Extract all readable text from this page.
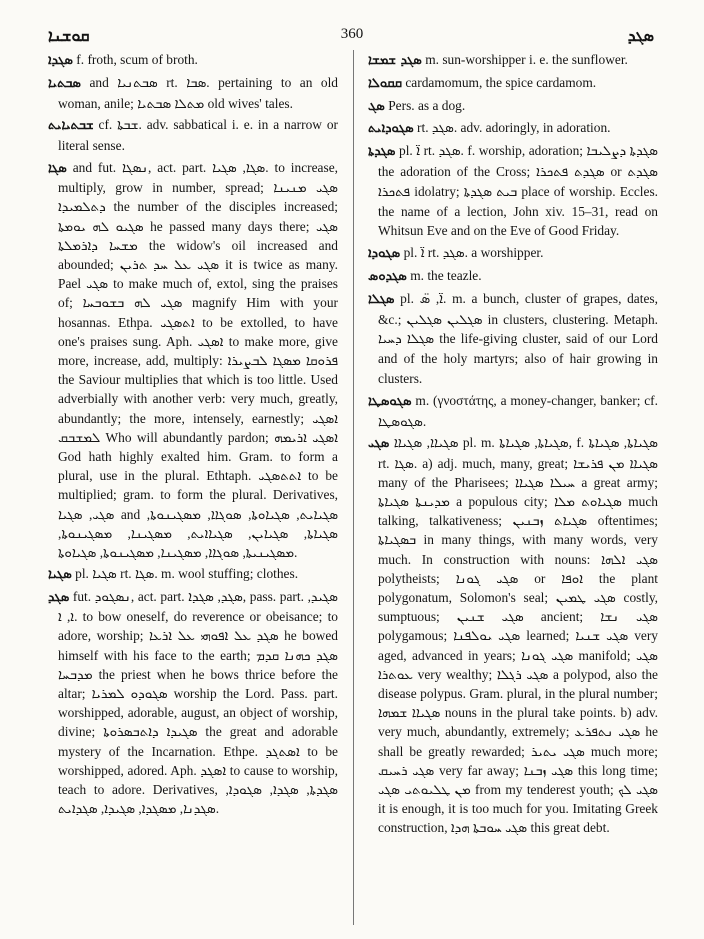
ܩܘܫܢܐ	360	ܣܓܕ

ܣܓܕܐ f. froth, scum of broth.

ܣܒܬܝܐ and ܣܒܬܢܝܐ rt. ܣܒܐ. pertaining to an old woman, anile; ܡܬܠܐ ܣܒܬܝܐ old wives' tales.

ܫܒܬܝܐܝܬ cf. ܫܒܬܐ. adv. sabbatical i. e. in a narrow or literal sense.

ܣܓܐ and fut. ܢܣܓܐ, act. part. ܣܓܐ, ܣܓܝܐ. to increase, multiply, grow in number, spread; ܣܓܝ ܡܢܝܢܐ ܕܬܠܡܝܕܐ the number of the disciples increased; ܣܓܝܘ ܠܗ ܝܘܡܬܐ he passed many days there; ܣܓܝ ܡܫܚܐ ܕܐܪܡܠܬܐ the widow's oil increased and abounded; ܣܓܝ ܥܠ ܚܕ ܬܪܝܢ it is twice as many. Pael ܣܓܝ to make much of, extol, sing the praises of; ܣܓܝ ܠܗ ܒܫܘܒܚܐ magnify Him with your hosannas. Ethpa. ܐܬܣܓܝ to be extolled, to have one's praises sung. Aph. ܐܣܓܝ to make more, give more, increase, add, multiply: ܦܪܘܩܐ ܡܣܓܐ ܠܒܨܝܪܐ the Saviour multiplies that which is too little. Used adverbially with another verb: very much, greatly, abundantly; the more, intensely, earnestly; ܐܣܓܝ ܠܡܫܒܩ Who will abundantly pardon; ܐܣܓܝ ܐܪܝܡܗ God hath highly exalted him. Gram. to form a plural, use in the plural. Ethtaph. ܐܬܬܣܓܝ to be multiplied; gram. to form the plural. Derivatives, ܣܓܝ, ܣܓܝܐ and ܣܓܝܐܝܬ, ܣܓܝܐܘܬܐ, ܣܘܓܐܐ, ܡܣܓܝܢܘܬܐ, ܣܓܝܐܬܐ, ܣܓܝܐܝܢ, ܣܓܝܐܐܝܬ, ܡܣܓܝܢܐ, ܡܣܓܝܢܘܬܐ, ܡܣܓܝܢܝܬܐ, ܣܘܓܐܐ, ܡܣܓܝܢܐ, ܡܣܓܝܢܘܬܐ, ܣܓܝܐܘܬܐ.

ܣܓܝܐ pl. ܣܓܝܐ rt. ܣܓܐ. m. wool stuffing; clothes.

ܣܓܕ fut. ܢܣܓܘܕ, act. part. ܣܓܕ, ܣܓܕܐ, pass. part. ܣܓܝܕ, ܐ, ܐ. to bow oneself, do reverence or obeisance; to adore, worship; ܣܓܕ ܥܠ ܐܦܘܗܝ ܥܠ ܐܪܥܐ he bowed himself with his face to the earth; ܣܓܕ ܟܗܢܐ ܩܕܡ ܡܕܒܚܐ the priest when he bows thrice before the altar; ܣܓܘܕܘ ܠܡܪܝܐ worship the Lord. Pass. part. worshipped, adorable, august, an object of worship, divine; ܣܓܝܕܐ ܕܐܬܒܣܪܘܬܐ the great and adorable mystery of the Incarnation. Ethpe. ܐܣܬܓܕ to be worshipped, adored. Aph. ܐܣܓܕ to cause to worship, teach to adore. Derivatives, ܣܓܕܬܐ, ܣܓܕܐ, ܣܓܘܕܐ, ܣܓܕܢܐ, ܡܣܓܕܐ, ܣܓܝܕܐ, ܣܓܕܐܝܬ.

ܣܓܕ ܫܡܫܐ m. sun-worshipper i. e. the sunflower.

ܩܩܘܠܐ cardamomum, the spice cardamom.

ܣܓ Pers. as a dog.

ܣܓܘܕܐܝܬ rt. ܣܓܕ. adv. adoringly, in adoration.

ܣܓܕܬܐ pl. ܐ̈ rt. ܣܓܕ. f. worship, adoration; ܣܓܕܬܐ ܕܨܠܝܒܐ the adoration of the Cross; ܣܓܕܬ ܦܬܟܪܐ or ܣܓܕܬ ܦܬܟܪܐ idolatry; ܒܝܬ ܣܓܕܬܐ place of worship. Eccles. the name of a lection, John xiv. 15–31, read on Whitsun Eve and on the Eve of Good Friday.

ܣܓܘܕܐ pl. ܐ̈ rt. ܣܓܕ. a worshipper.

ܣܓܕܘܣ m. the teazle.

ܣܓܠܐ pl. ܐ̈, ܣ̈. m. a bunch, cluster of grapes, dates, &c.; ܣܓܠܝܢ ܣܓܠܝܢ in clusters, clustering. Metaph. ܣܓܠܐ ܕܚܝܐ the life-giving cluster, said of our Lord and of the holy martyrs; also of hair growing in clusters.

ܣܓܘܣܛܐ m. (γνοστάτης, a money-changer, banker; cf. ܣܓܘܣܛܐ.

ܣܓܝ ܣܓܝܐܐ, ܣܓܝܐܐ pl. m. ܣܓܝܐܬܐ, ܣܓܝܐܬܐ, f. ܣܓܝܐܬܐ, ܣܓܝܐܬܐ rt. ܣܓܐ. a) adj. much, many, great; ܣܓܝܐܐ ܡܢ ܦܪܝܫܐ many of the Pharisees; ܚܝܠܐ ܣܓܝܐܐ a great army; ܡܕܝܢܬܐ ܣܓܝܐܬܐ a populous city; ܣܓܝܐܘܬ ܡܠܐ much talking, talkativeness; ܣܓܝܐܬ ܙܒܢܝܢ oftentimes; ܒܣܓܝܐܬܐ in many things, with many words, very much. In construction with nouns: ܣܓܝ ܐܠܗܐ polytheists; ܣܓܝ ܓܘܢܐ or ܐܘܦܐ the plant polygonatum, Solomon's seal; ܣܓܝ ܛܡܝܢ costly, sumptuous; ܣܓܝ ܫܢܝܢ ancient; ܣܓܝ ܢܫܐ polygamous; ܣܓܝ ܝܘܠܦܢܐ learned; ܣܓܝ ܫܢܝܐ very aged, advanced in years; ܣܓܝ ܓܘܢܐ manifold; ܣܓܝ ܥܘܬܪܐ very wealthy; ܣܓܝ ܪܓܠܐ a polypod, also the disease polypus. Gram. plural, in the plural number; ܣܓܝܐܐ ܫܡܗܐ nouns in the plural take points. b) adv. very much, abundantly, extremely; ܣܓܝ ܢܬܦܪܥ he shall be greatly rewarded; ܣܓܝ ܝܬܝܪ much more; ܣܓܝ ܪܚܝܩ very far away; ܣܓܝ ܙܒܢܐ this long time; ܡܢ ܛܠܝܘܬܝ ܣܓܝ from my tenderest youth; ܣܓܝ ܠܟ it is enough, it is too much for you. Imitating Greek construction, ܣܓܝ ܚܘܒܬܐ ܗܕܐ this great debt.
